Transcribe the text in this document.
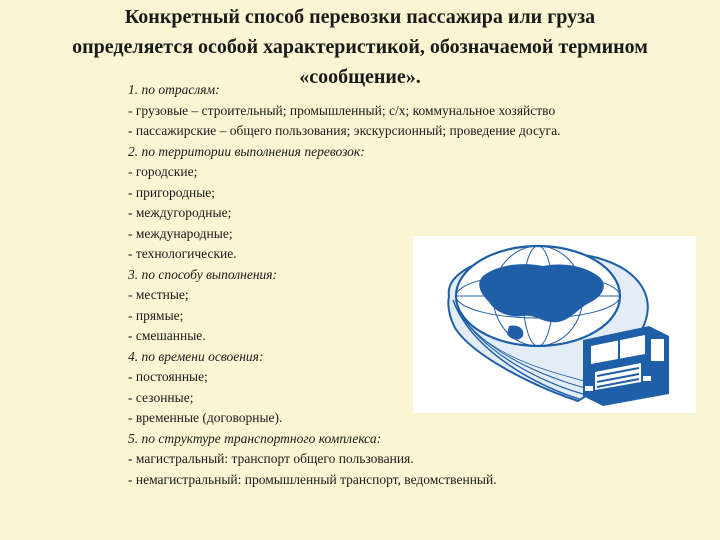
Конкретный способ перевозки пассажира или груза
определяется особой характеристикой, обозначаемой термином
«сообщение».
1. по отраслям:
- грузовые – строительный; промышленный; с/х; коммунальное хозяйство
- пассажирские – общего пользования; экскурсионный; проведение досуга.
2. по территории выполнения перевозок:
- городские;
- пригородные;
- междугородные;
- международные;
- технологические.
3. по способу выполнения:
- местные;
- прямые;
- смешанные.
4. по времени освоения:
- постоянные;
- сезонные;
- временные (договорные).
5. по структуре транспортного комплекса:
- магистральный: транспорт общего пользования.
- немагистральный: промышленный транспорт, ведомственный.
